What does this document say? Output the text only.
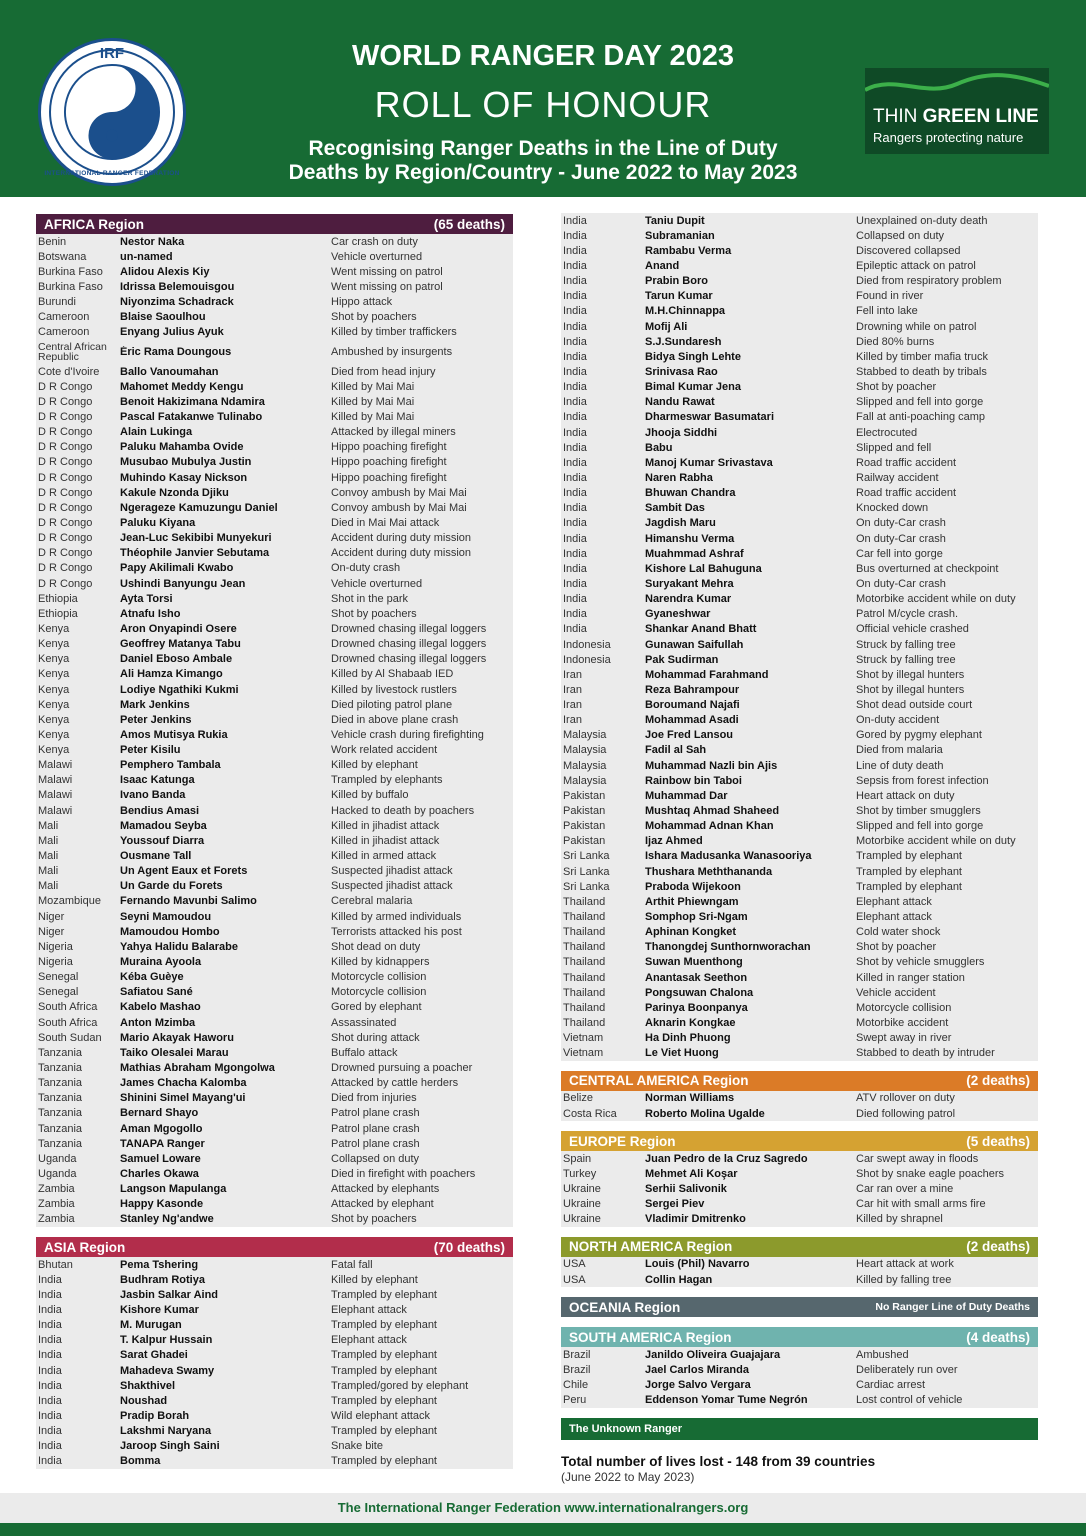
IRF
INTERNATIONAL RANGER FEDERATION
WORLD RANGER DAY 2023
ROLL OF HONOUR
Recognising Ranger Deaths in the Line of Duty
Deaths by Region/Country - June 2022 to May 2023
THIN GREEN LINE
Rangers protecting nature
AFRICA Region	(65 deaths)
Benin	Nestor Naka	Car crash on duty
Botswana	un-named	Vehicle overturned
Burkina Faso	Alidou Alexis Kiy	Went missing on patrol
Burkina Faso	Idrissa Belemouisgou	Went missing on patrol
Burundi	Niyonzima Schadrack	Hippo attack
Cameroon	Blaise Saoulhou	Shot by poachers
Cameroon	Enyang Julius Ayuk	Killed by timber traffickers
Central African Republic	Éric Rama Doungous	Ambushed by insurgents
Cote d'Ivoire	Ballo Vanoumahan	Died from head injury
D R Congo	Mahomet Meddy Kengu	Killed by Mai Mai
D R Congo	Benoit Hakizimana Ndamira	Killed by Mai Mai
D R Congo	Pascal Fatakanwe Tulinabo	Killed by Mai Mai
D R Congo	Alain Lukinga	Attacked by illegal miners
D R Congo	Paluku Mahamba Ovide	Hippo poaching firefight
D R Congo	Musubao Mubulya Justin	Hippo poaching firefight
D R Congo	Muhindo Kasay Nickson	Hippo poaching firefight
D R Congo	Kakule Nzonda Djiku	Convoy ambush by Mai Mai
D R Congo	Ngerageze Kamuzungu Daniel	Convoy ambush by Mai Mai
D R Congo	Paluku Kiyana	Died in Mai Mai attack
D R Congo	Jean-Luc Sekibibi Munyekuri	Accident during duty mission
D R Congo	Théophile Janvier Sebutama	Accident during duty mission
D R Congo	Papy Akilimali Kwabo	On-duty crash
D R Congo	Ushindi Banyungu Jean	Vehicle overturned
Ethiopia	Ayta Torsi	Shot in the park
Ethiopia	Atnafu Isho	Shot by poachers
Kenya	Aron Onyapindi Osere	Drowned chasing illegal loggers
Kenya	Geoffrey Matanya Tabu	Drowned chasing illegal loggers
Kenya	Daniel Eboso Ambale	Drowned chasing illegal loggers
Kenya	Ali Hamza Kimango	Killed by Al Shabaab IED
Kenya	Lodiye Ngathiki Kukmi	Killed by livestock rustlers
Kenya	Mark Jenkins	Died piloting patrol plane
Kenya	Peter Jenkins	Died in above plane crash
Kenya	Amos Mutisya Rukia	Vehicle crash during firefighting
Kenya	Peter Kisilu	Work related accident
Malawi	Pemphero Tambala	Killed by elephant
Malawi	Isaac Katunga	Trampled by elephants
Malawi	Ivano Banda	Killed by buffalo
Malawi	Bendius Amasi	Hacked to death by poachers
Mali	Mamadou Seyba	Killed in jihadist attack
Mali	Youssouf Diarra	Killed in jihadist attack
Mali	Ousmane Tall	Killed in armed attack
Mali	Un Agent Eaux et Forets	Suspected jihadist attack
Mali	Un Garde du Forets	Suspected jihadist attack
Mozambique	Fernando Mavunbi Salimo	Cerebral malaria
Niger	Seyni Mamoudou	Killed by armed individuals
Niger	Mamoudou Hombo	Terrorists attacked his post
Nigeria	Yahya Halidu Balarabe	Shot dead on duty
Nigeria	Muraina Ayoola	Killed by kidnappers
Senegal	Kéba Guèye	Motorcycle collision
Senegal	Safiatou Sané	Motorcycle collision
South Africa	Kabelo Mashao	Gored by elephant
South Africa	Anton Mzimba	Assassinated
South Sudan	Mario Akayak Haworu	Shot during attack
Tanzania	Taiko Olesalei Marau	Buffalo attack
Tanzania	Mathias Abraham Mgongolwa	Drowned pursuing a poacher
Tanzania	James Chacha Kalomba	Attacked by cattle herders
Tanzania	Shinini Simel Mayang'ui	Died from injuries
Tanzania	Bernard Shayo	Patrol plane crash
Tanzania	Aman Mgogollo	Patrol plane crash
Tanzania	TANAPA Ranger	Patrol plane crash
Uganda	Samuel Loware	Collapsed on duty
Uganda	Charles Okawa	Died in firefight with poachers
Zambia	Langson Mapulanga	Attacked by elephants
Zambia	Happy Kasonde	Attacked by elephant
Zambia	Stanley Ng'andwe	Shot by poachers
ASIA Region	(70 deaths)
Bhutan	Pema Tshering	Fatal fall
India	Budhram Rotiya	Killed by elephant
India	Jasbin Salkar Aind	Trampled by elephant
India	Kishore Kumar	Elephant attack
India	M. Murugan	Trampled by elephant
India	T. Kalpur Hussain	Elephant attack
India	Sarat Ghadei	Trampled by elephant
India	Mahadeva Swamy	Trampled by elephant
India	Shakthivel	Trampled/gored by elephant
India	Noushad	Trampled by elephant
India	Pradip Borah	Wild elephant attack
India	Lakshmi Naryana	Trampled by elephant
India	Jaroop Singh Saini	Snake bite
India	Bomma	Trampled by elephant
India	Taniu Dupit	Unexplained on-duty death
India	Subramanian	Collapsed on duty
India	Rambabu Verma	Discovered collapsed
India	Anand	Epileptic attack on patrol
India	Prabin Boro	Died from respiratory problem
India	Tarun Kumar	Found in river
India	M.H.Chinnappa	Fell into lake
India	Mofij Ali	Drowning while on patrol
India	S.J.Sundaresh	Died 80% burns
India	Bidya Singh Lehte	Killed by timber mafia truck
India	Srinivasa Rao	Stabbed to death by tribals
India	Bimal Kumar Jena	Shot by poacher
India	Nandu Rawat	Slipped and fell into gorge
India	Dharmeswar Basumatari	Fall at anti-poaching camp
India	Jhooja Siddhi	Electrocuted
India	Babu	Slipped and fell
India	Manoj Kumar Srivastava	Road traffic accident
India	Naren Rabha	Railway accident
India	Bhuwan Chandra	Road traffic accident
India	Sambit Das	Knocked down
India	Jagdish Maru	On duty-Car crash
India	Himanshu Verma	On duty-Car crash
India	Muahmmad Ashraf	Car fell into gorge
India	Kishore Lal Bahuguna	Bus overturned at checkpoint
India	Suryakant Mehra	On duty-Car crash
India	Narendra Kumar	Motorbike accident while on duty
India	Gyaneshwar	Patrol M/cycle crash.
India	Shankar Anand Bhatt	Official vehicle crashed
Indonesia	Gunawan Saifullah	Struck by falling tree
Indonesia	Pak Sudirman	Struck by falling tree
Iran	Mohammad Farahmand	Shot by illegal hunters
Iran	Reza Bahrampour	Shot by illegal hunters
Iran	Boroumand Najafi	Shot dead outside court
Iran	Mohammad Asadi	On-duty accident
Malaysia	Joe Fred Lansou	Gored by pygmy elephant
Malaysia	Fadil al Sah	Died from malaria
Malaysia	Muhammad Nazli bin Ajis	Line of duty death
Malaysia	Rainbow bin Taboi	Sepsis from forest infection
Pakistan	Muhammad Dar	Heart attack on duty
Pakistan	Mushtaq Ahmad Shaheed	Shot by timber smugglers
Pakistan	Mohammad Adnan Khan	Slipped and fell into gorge
Pakistan	Ijaz Ahmed	Motorbike accident while on duty
Sri Lanka	Ishara Madusanka Wanasooriya	Trampled by elephant
Sri Lanka	Thushara Meththananda	Trampled by elephant
Sri Lanka	Praboda Wijekoon	Trampled by elephant
Thailand	Arthit Phiewngam	Elephant attack
Thailand	Somphop Sri-Ngam	Elephant attack
Thailand	Aphinan Kongket	Cold water shock
Thailand	Thanongdej Sunthornworachan	Shot by poacher
Thailand	Suwan Muenthong	Shot by vehicle smugglers
Thailand	Anantasak Seethon	Killed in ranger station
Thailand	Pongsuwan Chalona	Vehicle accident
Thailand	Parinya Boonpanya	Motorcycle collision
Thailand	Aknarin Kongkae	Motorbike accident
Vietnam	Ha Dinh Phuong	Swept away in river
Vietnam	Le Viet Huong	Stabbed to death by intruder
CENTRAL AMERICA Region	(2 deaths)
Belize	Norman Williams	ATV rollover on duty
Costa Rica	Roberto Molina Ugalde	Died following patrol
EUROPE Region	(5 deaths)
Spain	Juan Pedro de la Cruz Sagredo	Car swept away in floods
Turkey	Mehmet Ali Koşar	Shot by snake eagle poachers
Ukraine	Serhii Salivonik	Car ran over a mine
Ukraine	Sergei Piev	Car hit with small arms fire
Ukraine	Vladimir Dmitrenko	Killed by shrapnel
NORTH AMERICA Region	(2 deaths)
USA	Louis (Phil) Navarro	Heart attack at work
USA	Collin Hagan	Killed by falling tree
OCEANIA Region	No Ranger Line of Duty Deaths
SOUTH AMERICA Region	(4 deaths)
Brazil	Janildo Oliveira Guajajara	Ambushed
Brazil	Jael Carlos Miranda	Deliberately run over
Chile	Jorge Salvo Vergara	Cardiac arrest
Peru	Eddenson Yomar Tume Negrón	Lost control of vehicle
The Unknown Ranger
Total number of lives lost - 148 from 39 countries
(June 2022 to May 2023)
The International Ranger Federation www.internationalrangers.org
